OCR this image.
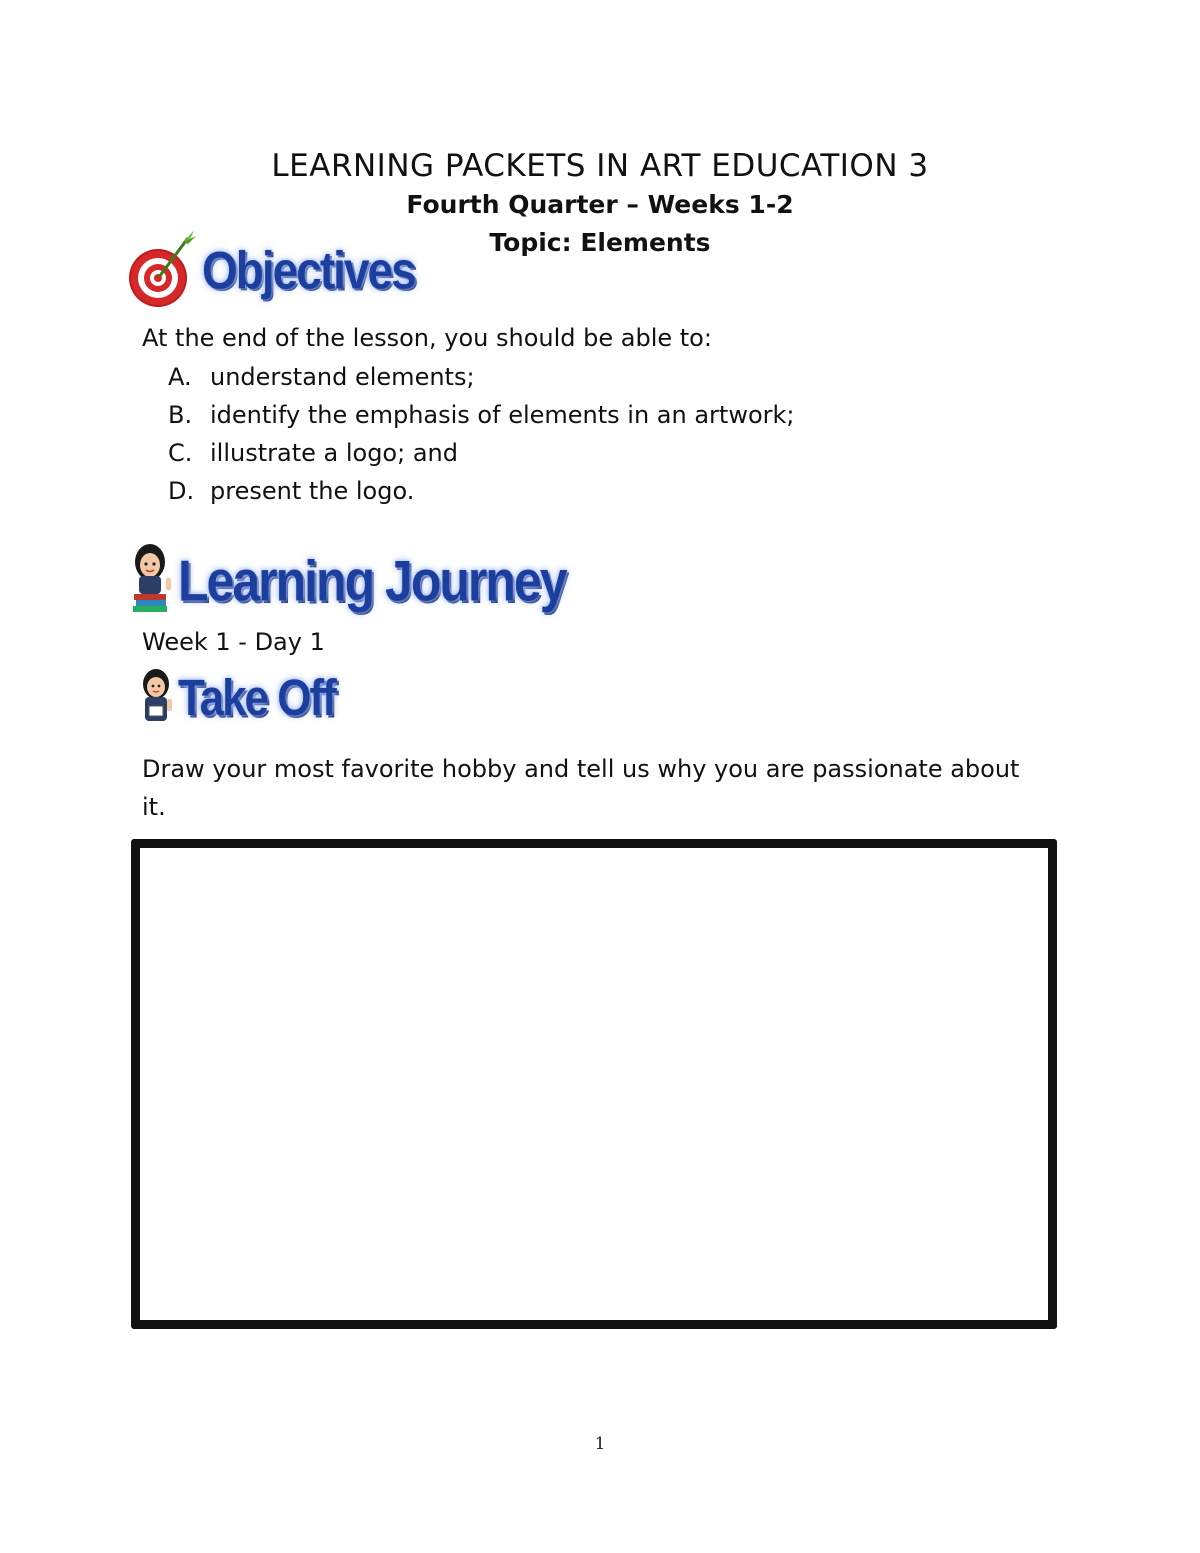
LEARNING PACKETS IN ART EDUCATION 3
Fourth Quarter – Weeks 1-2
Topic: Elements
Objectives
At the end of the lesson, you should be able to:
A. understand elements;
B. identify the emphasis of elements in an artwork;
C. illustrate a logo; and
D. present the logo.
Learning Journey
Week 1 - Day 1
Take Off
Draw your most favorite hobby and tell us why you are passionate about it.
1
